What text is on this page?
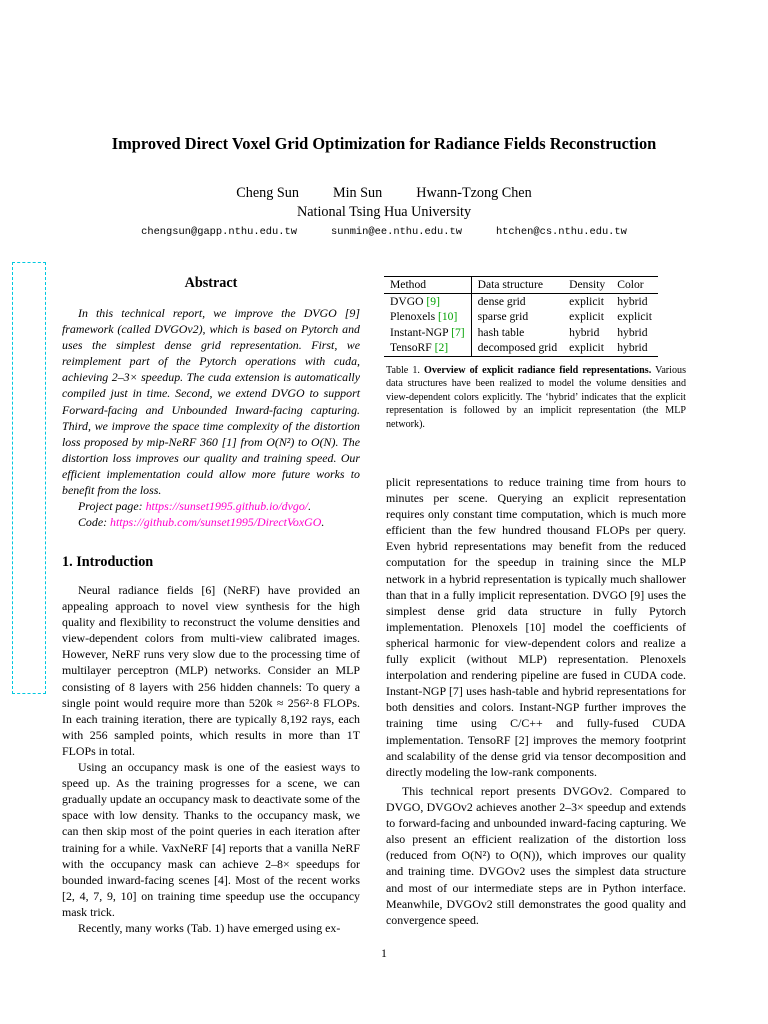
Improved Direct Voxel Grid Optimization for Radiance Fields Reconstruction
Cheng Sun Min Sun Hwann-Tzong Chen
National Tsing Hua University
chengsun@gapp.nthu.edu.tw	sunmin@ee.nthu.edu.tw	htchen@cs.nthu.edu.tw
Abstract

In this technical report, we improve the DVGO [9] framework (called DVGOv2), which is based on Pytorch and uses the simplest dense grid representation. First, we reimplement part of the Pytorch operations with cuda, achieving 2–3× speedup. The cuda extension is automatically compiled just in time. Second, we extend DVGO to support Forward-facing and Unbounded Inward-facing capturing. Third, we improve the space time complexity of the distortion loss proposed by mip-NeRF 360 [1] from O(N²) to O(N). The distortion loss improves our quality and training speed. Our efficient implementation could allow more future works to benefit from the loss.

Project page: https://sunset1995.github.io/dvgo/.

Code: https://github.com/sunset1995/DirectVoxGO.

1. Introduction

Neural radiance fields [6] (NeRF) have provided an appealing approach to novel view synthesis for the high quality and flexibility to reconstruct the volume densities and view-dependent colors from multi-view calibrated images. However, NeRF runs very slow due to the processing time of multilayer perceptron (MLP) networks. Consider an MLP consisting of 8 layers with 256 hidden channels: To query a single point would require more than 520k ≈ 256²·8 FLOPs. In each training iteration, there are typically 8,192 rays, each with 256 sampled points, which results in more than 1T FLOPs in total.

Using an occupancy mask is one of the easiest ways to speed up. As the training progresses for a scene, we can gradually update an occupancy mask to deactivate some of the space with low density. Thanks to the occupancy mask, we can then skip most of the point queries in each iteration after training for a while. VaxNeRF [4] reports that a vanilla NeRF with the occupancy mask can achieve 2–8× speedups for bounded inward-facing scenes [4]. Most of the recent works [2, 4, 7, 9, 10] on training time speedup use the occupancy mask trick.

Recently, many works (Tab. 1) have emerged using ex-

Method	Data structure	Density	Color
DVGO [9]	dense grid	explicit	hybrid
Plenoxels [10]	sparse grid	explicit	explicit
Instant-NGP [7]	hash table	hybrid	hybrid
TensoRF [2]	decomposed grid	explicit	hybrid

Table 1. Overview of explicit radiance field representations. Various data structures have been realized to model the volume densities and view-dependent colors explicitly. The ‘hybrid’ indicates that the explicit representation is followed by an implicit representation (the MLP network).

plicit representations to reduce training time from hours to minutes per scene. Querying an explicit representation requires only constant time computation, which is much more efficient than the few hundred thousand FLOPs per query. Even hybrid representations may benefit from the reduced computation for the speedup in training since the MLP network in a hybrid representation is typically much shallower than that in a fully implicit representation. DVGO [9] uses the simplest dense grid data structure in fully Pytorch implementation. Plenoxels [10] model the coefficients of spherical harmonic for view-dependent colors and realize a fully explicit (without MLP) representation. Plenoxels interpolation and rendering pipeline are fused in CUDA code. Instant-NGP [7] uses hash-table and hybrid representations for both densities and colors. Instant-NGP further improves the training time using C/C++ and fully-fused CUDA implementation. TensoRF [2] improves the memory footprint and scalability of the dense grid via tensor decomposition and directly modeling the low-rank components.

This technical report presents DVGOv2. Compared to DVGO, DVGOv2 achieves another 2–3× speedup and extends to forward-facing and unbounded inward-facing capturing. We also present an efficient realization of the distortion loss (reduced from O(N²) to O(N)), which improves our quality and training time. DVGOv2 uses the simplest data structure and most of our intermediate steps are in Python interface. Meanwhile, DVGOv2 still demonstrates the good quality and convergence speed.

1
